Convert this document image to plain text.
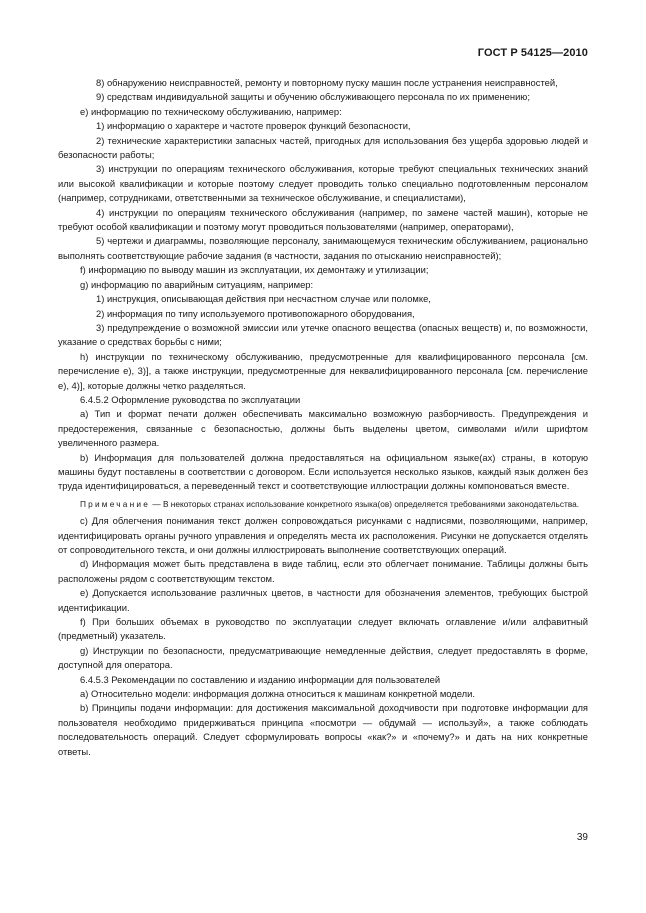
ГОСТ Р 54125—2010

8) обнаружению неисправностей, ремонту и повторному пуску машин после устранения неисправностей,

9) средствам индивидуальной защиты и обучению обслуживающего персонала по их применению;

e) информацию по техническому обслуживанию, например:

1) информацию о характере и частоте проверок функций безопасности,

2) технические характеристики запасных частей, пригодных для использования без ущерба здоровью людей и безопасности работы;

3) инструкции по операциям технического обслуживания, которые требуют специальных технических знаний или высокой квалификации и которые поэтому следует проводить только специально подготовленным персоналом (например, сотрудниками, ответственными за техническое обслуживание, и специалистами),

4) инструкции по операциям технического обслуживания (например, по замене частей машин), которые не требуют особой квалификации и поэтому могут проводиться пользователями (например, операторами),

5) чертежи и диаграммы, позволяющие персоналу, занимающемуся техническим обслуживанием, рационально выполнять соответствующие рабочие задания (в частности, задания по отысканию неисправностей);

f) информацию по выводу машин из эксплуатации, их демонтажу и утилизации;

g) информацию по аварийным ситуациям, например:

1) инструкция, описывающая действия при несчастном случае или поломке,

2) информация по типу используемого противопожарного оборудования,

3) предупреждение о возможной эмиссии или утечке опасного вещества (опасных веществ) и, по возможности, указание о средствах борьбы с ними;

h) инструкции по техническому обслуживанию, предусмотренные для квалифицированного персонала [см. перечисление е), 3)], а также инструкции, предусмотренные для неквалифицированного персонала [см. перечисление е), 4)], которые должны четко разделяться.

6.4.5.2 Оформление руководства по эксплуатации

a) Тип и формат печати должен обеспечивать максимально возможную разборчивость. Предупреждения и предостережения, связанные с безопасностью, должны быть выделены цветом, символами и/или шрифтом увеличенного размера.

b) Информация для пользователей должна предоставляться на официальном языке(ах) страны, в которую машины будут поставлены в соответствии с договором. Если используется несколько языков, каждый язык должен без труда идентифицироваться, а переведенный текст и соответствующие иллюстрации должны компоноваться вместе.

Примечание — В некоторых странах использование конкретного языка(ов) определяется требованиями законодательства.

c) Для облегчения понимания текст должен сопровождаться рисунками с надписями, позволяющими, например, идентифицировать органы ручного управления и определять места их расположения. Рисунки не допускается отделять от сопроводительного текста, и они должны иллюстрировать выполнение соответствующих операций.

d) Информация может быть представлена в виде таблиц, если это облегчает понимание. Таблицы должны быть расположены рядом с соответствующим текстом.

e) Допускается использование различных цветов, в частности для обозначения элементов, требующих быстрой идентификации.

f) При больших объемах в руководство по эксплуатации следует включать оглавление и/или алфавитный (предметный) указатель.

g) Инструкции по безопасности, предусматривающие немедленные действия, следует предоставлять в форме, доступной для оператора.

6.4.5.3 Рекомендации по составлению и изданию информации для пользователей

a) Относительно модели: информация должна относиться к машинам конкретной модели.

b) Принципы подачи информации: для достижения максимальной доходчивости при подготовке информации для пользователя необходимо придерживаться принципа «посмотри — обдумай — используй», а также соблюдать последовательность операций. Следует сформулировать вопросы «как?» и «почему?» и дать на них конкретные ответы.

39
